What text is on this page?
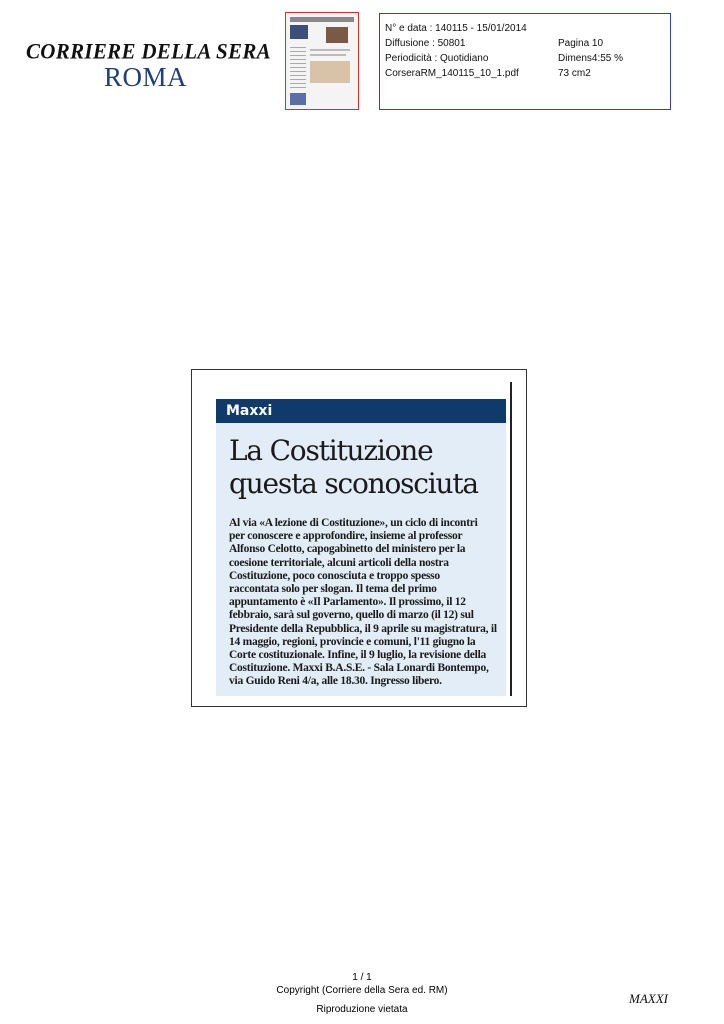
CORRIERE DELLA SERA
ROMA
N° e data : 140115 - 15/01/2014
Diffusione : 50801
Periodicità : Quotidiano
CorseraRM_140115_10_1.pdf
Pagina 10
Dimens4:55 %
73 cm2
Maxxi
La Costituzione
questa sconosciuta
Al via «A lezione di Costituzione», un ciclo di incontri
per conoscere e approfondire, insieme al professor
Alfonso Celotto, capogabinetto del ministero per la
coesione territoriale, alcuni articoli della nostra
Costituzione, poco conosciuta e troppo spesso
raccontata solo per slogan. Il tema del primo
appuntamento è «Il Parlamento». Il prossimo, il 12
febbraio, sarà sul governo, quello di marzo (il 12) sul
Presidente della Repubblica, il 9 aprile su magistratura, il
14 maggio, regioni, provincie e comuni, l'11 giugno la
Corte costituzionale. Infine, il 9 luglio, la revisione della
Costituzione. Maxxi B.A.S.E. - Sala Lonardi Bontempo,
via Guido Reni 4/a, alle 18.30. Ingresso libero.
1 / 1
Copyright (Corriere della Sera ed. RM)
Riproduzione vietata
MAXXI
